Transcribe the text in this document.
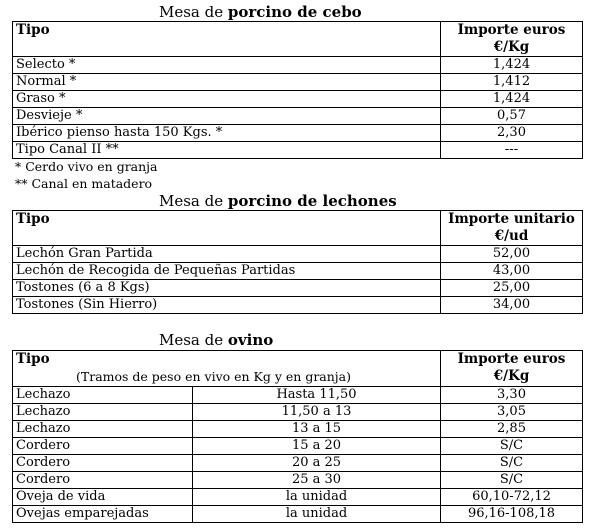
Mesa de porcino de cebo
Tipo	Importe euros
€/Kg
Selecto *	1,424
Normal *	1,412
Graso *	1,424
Desvieje *	0,57
Ibérico pienso hasta 150 Kgs. *	2,30
Tipo Canal II **	---
* Cerdo vivo en granja
** Canal en matadero
Mesa de porcino de lechones
Tipo	Importe unitario
€/ud
Lechón Gran Partida	52,00
Lechón de Recogida de Pequeñas Partidas	43,00
Tostones (6 a 8 Kgs)	25,00
Tostones (Sin Hierro)	34,00
Mesa de ovino
Tipo
(Tramos de peso en vivo en Kg y en granja)		Importe euros
€/Kg
Lechazo	Hasta 11,50	3,30
Lechazo	11,50 a 13	3,05
Lechazo	13 a 15	2,85
Cordero	15 a 20	S/C
Cordero	20 a 25	S/C
Cordero	25 a 30	S/C
Oveja de vida	la unidad	60,10-72,12
Ovejas emparejadas	la unidad	96,16-108,18
